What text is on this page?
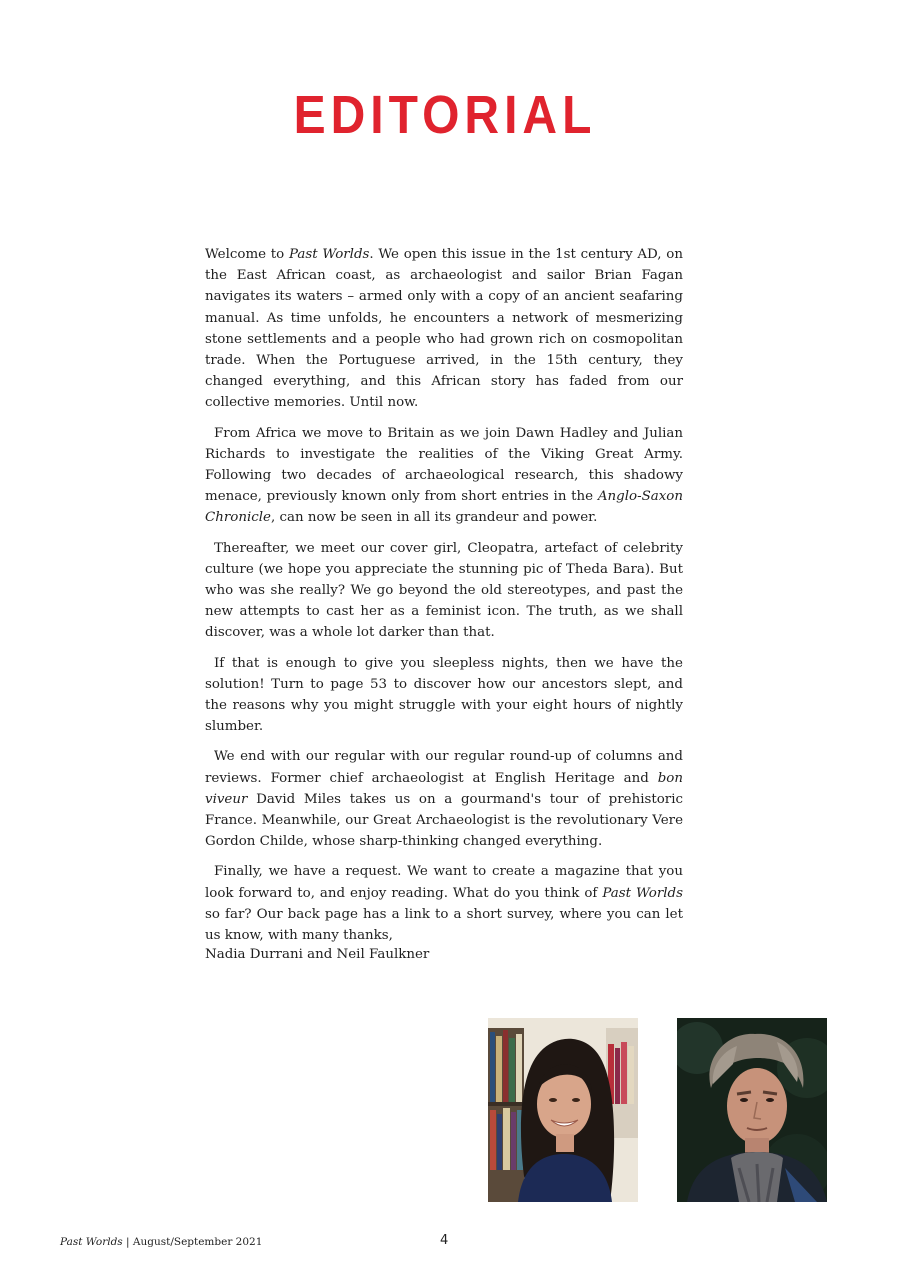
EDITORIAL

Welcome to Past Worlds. We open this issue in the 1st century AD, on the East African coast, as archaeologist and sailor Brian Fagan navigates its waters – armed only with a copy of an ancient seafaring manual. As time unfolds, he encounters a network of mesmerizing stone settlements and a people who had grown rich on cosmopolitan trade. When the Portuguese arrived, in the 15th century, they changed everything, and this African story has faded from our collective memories. Until now.

From Africa we move to Britain as we join Dawn Hadley and Julian Richards to investigate the realities of the Viking Great Army. Following two decades of archaeological research, this shadowy menace, previously known only from short entries in the Anglo-Saxon Chronicle, can now be seen in all its grandeur and power.

Thereafter, we meet our cover girl, Cleopatra, artefact of celebrity culture (we hope you appreciate the stunning pic of Theda Bara). But who was she really? We go beyond the old stereotypes, and past the new attempts to cast her as a feminist icon. The truth, as we shall discover, was a whole lot darker than that.

If that is enough to give you sleepless nights, then we have the solution! Turn to page 53 to discover how our ancestors slept, and the reasons why you might struggle with your eight hours of nightly slumber.

We end with our regular with our regular round-up of columns and reviews. Former chief archaeologist at English Heritage and bon viveur David Miles takes us on a gourmand's tour of prehistoric France. Meanwhile, our Great Archaeologist is the revolutionary Vere Gordon Childe, whose sharp-thinking changed everything.

Finally, we have a request. We want to create a magazine that you look forward to, and enjoy reading. What do you think of Past Worlds so far? Our back page has a link to a short survey, where you can let us know, with many thanks,

Nadia Durrani and Neil Faulkner
Past Worlds | August/September 2021	4
